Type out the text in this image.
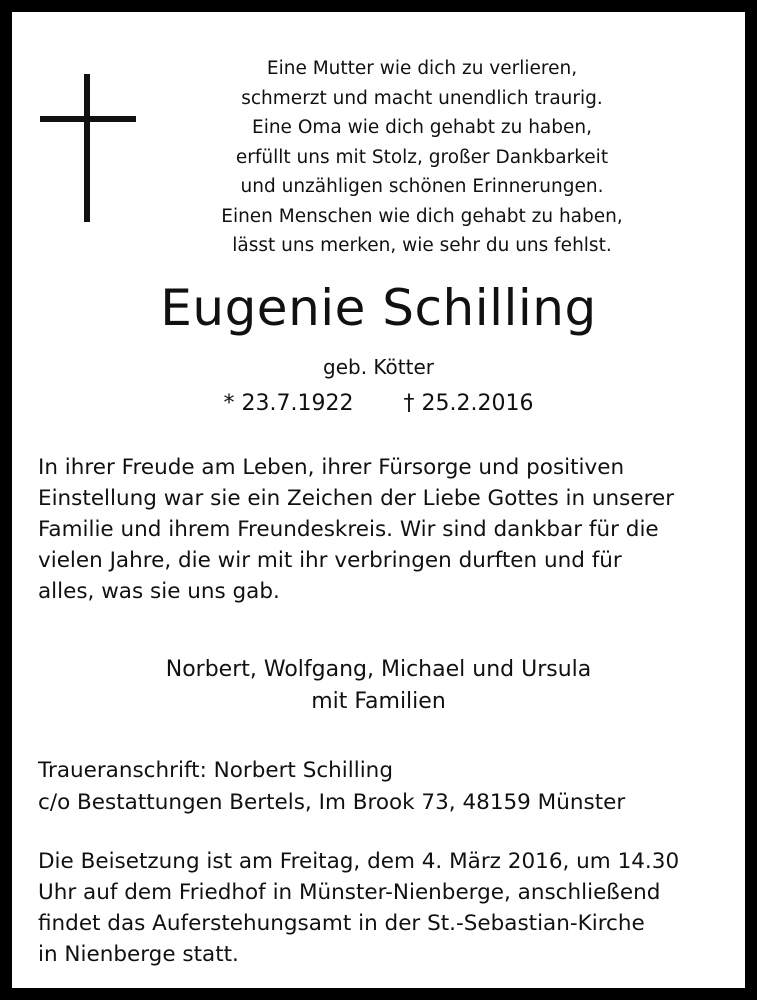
Eine Mutter wie dich zu verlieren,
schmerzt und macht unendlich traurig.
Eine Oma wie dich gehabt zu haben,
erfüllt uns mit Stolz, großer Dankbarkeit
und unzähligen schönen Erinnerungen.
Einen Menschen wie dich gehabt zu haben,
lässt uns merken, wie sehr du uns fehlst.

Eugenie Schilling
geb. Kötter
* 23.7.1922 † 25.2.2016

In ihrer Freude am Leben, ihrer Fürsorge und positiven
Einstellung war sie ein Zeichen der Liebe Gottes in unserer
Familie und ihrem Freundeskreis. Wir sind dankbar für die
vielen Jahre, die wir mit ihr verbringen durften und für
alles, was sie uns gab.

Norbert, Wolfgang, Michael und Ursula
mit Familien
Traueranschrift: Norbert Schilling
c/o Bestattungen Bertels, Im Brook 73, 48159 Münster
Die Beisetzung ist am Freitag, dem 4. März 2016, um 14.30
Uhr auf dem Friedhof in Münster-Nienberge, anschließend
findet das Auferstehungsamt in der St.-Sebastian-Kirche
in Nienberge statt.
